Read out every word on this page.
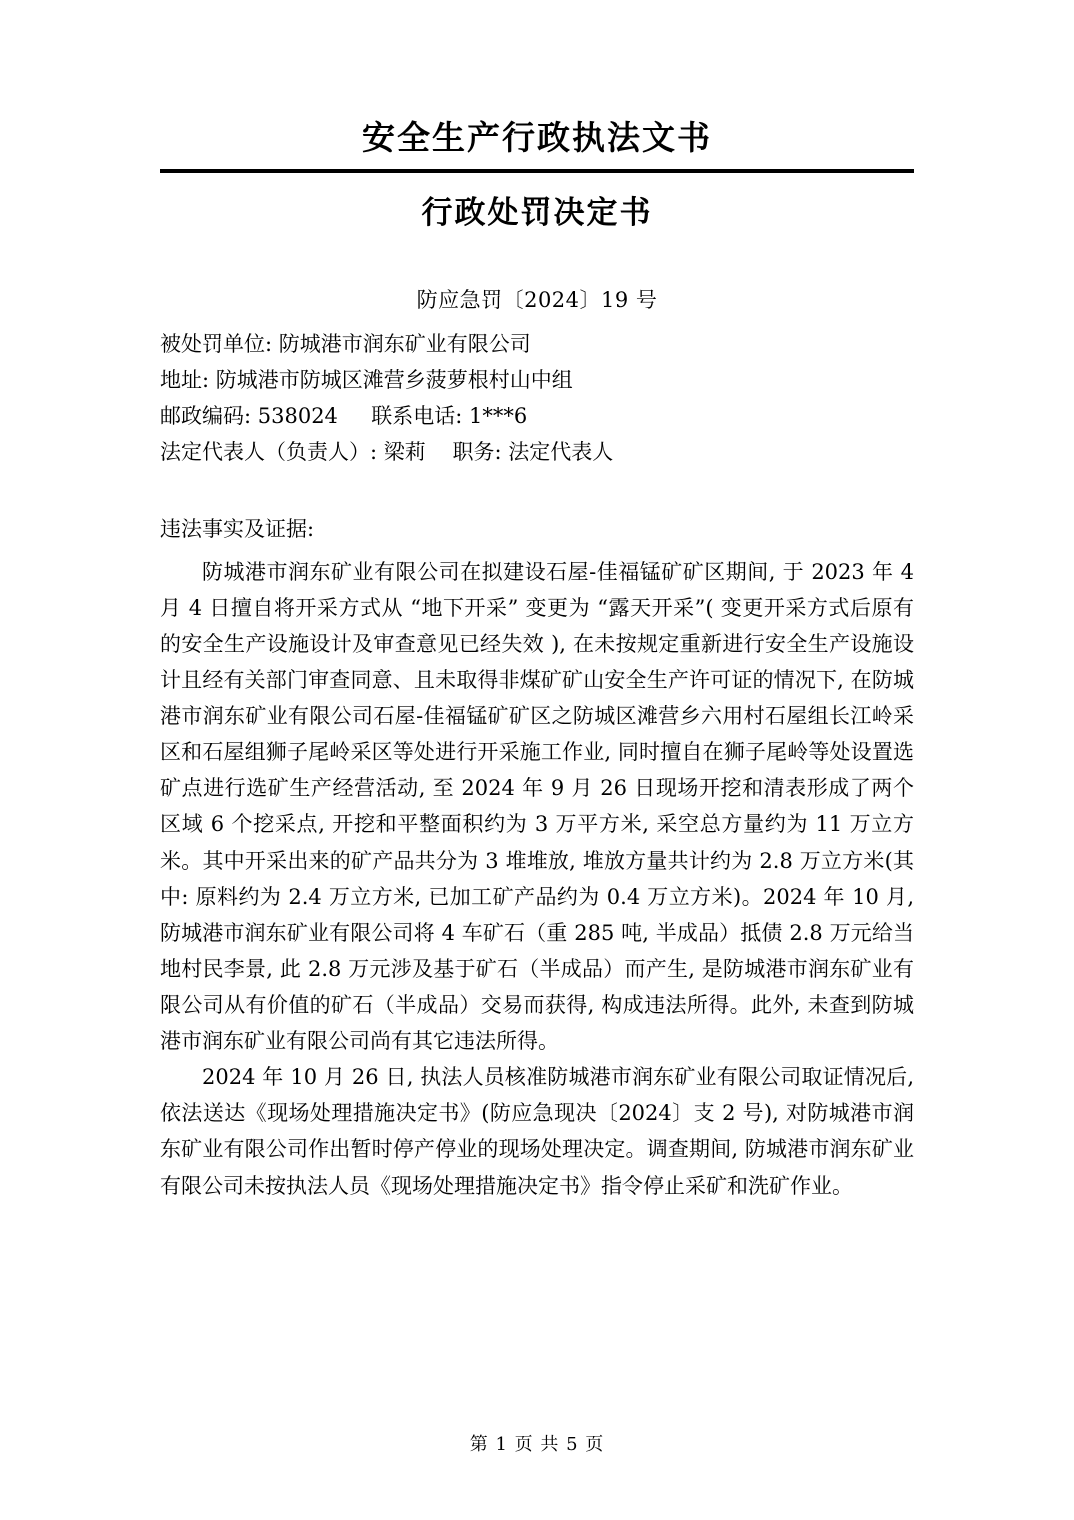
安全生产行政执法文书
行政处罚决定书
防应急罚〔2024〕19 号
被处罚单位: 防城港市润东矿业有限公司
地址: 防城港市防城区滩营乡菠萝根村山中组
邮政编码: 538024     联系电话: 1***6
法定代表人（负责人）: 梁莉    职务: 法定代表人
违法事实及证据:

防城港市润东矿业有限公司在拟建设石屋-佳福锰矿矿区期间, 于 2023 年 4 月 4 日擅自将开采方式从 “地下开采” 变更为 “露天开采”( 变更开采方式后原有的安全生产设施设计及审查意见已经失效 ), 在未按规定重新进行安全生产设施设计且经有关部门审查同意、且未取得非煤矿矿山安全生产许可证的情况下, 在防城港市润东矿业有限公司石屋-佳福锰矿矿区之防城区滩营乡六用村石屋组长江岭采区和石屋组狮子尾岭采区等处进行开采施工作业, 同时擅自在狮子尾岭等处设置选矿点进行选矿生产经营活动, 至 2024 年 9 月 26 日现场开挖和清表形成了两个区域 6 个挖采点, 开挖和平整面积约为 3 万平方米, 采空总方量约为 11 万立方米。其中开采出来的矿产品共分为 3 堆堆放, 堆放方量共计约为 2.8 万立方米(其中: 原料约为 2.4 万立方米, 已加工矿产品约为 0.4 万立方米)。2024 年 10 月, 防城港市润东矿业有限公司将 4 车矿石（重 285 吨, 半成品）抵债 2.8 万元给当地村民李景, 此 2.8 万元涉及基于矿石（半成品）而产生, 是防城港市润东矿业有限公司从有价值的矿石（半成品）交易而获得, 构成违法所得。此外, 未查到防城港市润东矿业有限公司尚有其它违法所得。

2024 年 10 月 26 日, 执法人员核准防城港市润东矿业有限公司取证情况后, 依法送达《现场处理措施决定书》(防应急现决〔2024〕支 2 号), 对防城港市润东矿业有限公司作出暂时停产停业的现场处理决定。调查期间, 防城港市润东矿业有限公司未按执法人员《现场处理措施决定书》指令停止采矿和洗矿作业。

第 1 页 共 5 页
